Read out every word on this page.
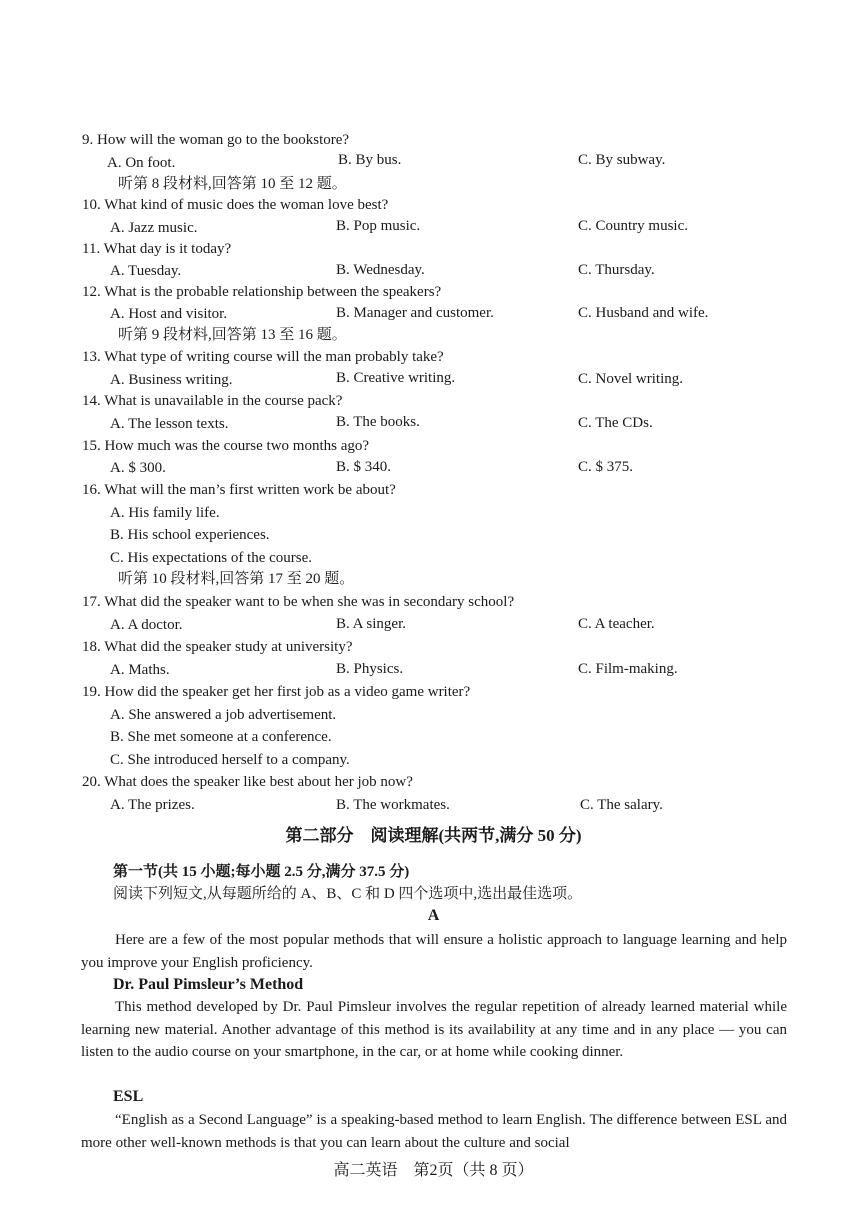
9. How will the woman go to the bookstore?
A. On foot.	B. By bus.	C. By subway.
听第 8 段材料,回答第 10 至 12 题。
10. What kind of music does the woman love best?
A. Jazz music.	B. Pop music.	C. Country music.
11. What day is it today?
A. Tuesday.	B. Wednesday.	C. Thursday.
12. What is the probable relationship between the speakers?
A. Host and visitor.	B. Manager and customer.	C. Husband and wife.
听第 9 段材料,回答第 13 至 16 题。
13. What type of writing course will the man probably take?
A. Business writing.	B. Creative writing.	C. Novel writing.
14. What is unavailable in the course pack?
A. The lesson texts.	B. The books.	C. The CDs.
15. How much was the course two months ago?
A. $ 300.	B. $ 340.	C. $ 375.
16. What will the man’s first written work be about?
A. His family life.
B. His school experiences.
C. His expectations of the course.
听第 10 段材料,回答第 17 至 20 题。
17. What did the speaker want to be when she was in secondary school?
A. A doctor.	B. A singer.	C. A teacher.
18. What did the speaker study at university?
A. Maths.	B. Physics.	C. Film-making.
19. How did the speaker get her first job as a video game writer?
A. She answered a job advertisement.
B. She met someone at a conference.
C. She introduced herself to a company.
20. What does the speaker like best about her job now?
A. The prizes.	B. The workmates.	C. The salary.
第二部分　阅读理解(共两节,满分 50 分)
第一节(共 15 小题;每小题 2.5 分,满分 37.5 分)
阅读下列短文,从每题所给的 A、B、C 和 D 四个选项中,选出最佳选项。
A
Here are a few of the most popular methods that will ensure a holistic approach to language learning and help you improve your English proficiency.
Dr. Paul Pimsleur’s Method
This method developed by Dr. Paul Pimsleur involves the regular repetition of already learned material while learning new material. Another advantage of this method is its availability at any time and in any place — you can listen to the audio course on your smartphone, in the car, or at home while cooking dinner.
ESL
“English as a Second Language” is a speaking-based method to learn English. The difference between ESL and more other well-known methods is that you can learn about the culture and social
高二英语　第2页（共 8 页）
